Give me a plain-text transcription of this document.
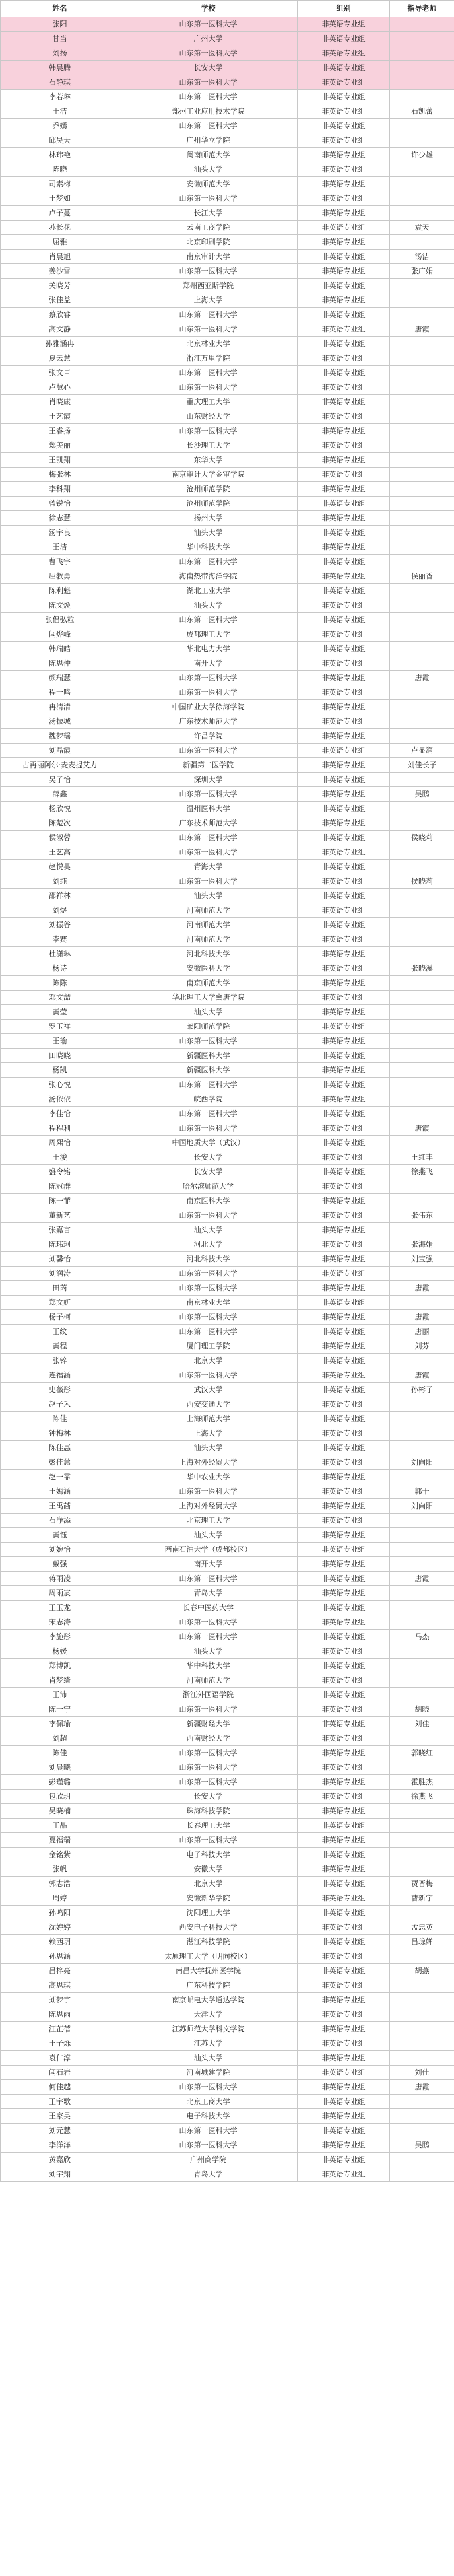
姓名	学校	组别	指导老师
张阳	山东第一医科大学	非英语专业组	
甘当	广州大学	非英语专业组	
刘扬	山东第一医科大学	非英语专业组	
韩晨腾	长安大学	非英语专业组	
石静琪	山东第一医科大学	非英语专业组	
李若琳	山东第一医科大学	非英语专业组	
王洁	郑州工业应用技术学院	非英语专业组	石凯蕾
乔嫣	山东第一医科大学	非英语专业组	
邱昊天	广州华立学院	非英语专业组	
林玮艳	闽南师范大学	非英语专业组	许少雄
陈晓	汕头大学	非英语专业组	
司素梅	安徽师范大学	非英语专业组	
王梦如	山东第一医科大学	非英语专业组	
卢子蔓	长江大学	非英语专业组	
苏长花	云南工商学院	非英语专业组	袁天
屈雅	北京印刷学院	非英语专业组	
肖晨旭	南京审计大学	非英语专业组	汤洁
姜沙雪	山东第一医科大学	非英语专业组	张广娟
关晓芳	郑州西亚斯学院	非英语专业组	
张佳益	上海大学	非英语专业组	
蔡欣睿	山东第一医科大学	非英语专业组	
高文静	山东第一医科大学	非英语专业组	唐霞
孙雅涵冉	北京林业大学	非英语专业组	
夏云慧	浙江万里学院	非英语专业组	
张文卓	山东第一医科大学	非英语专业组	
卢慧心	山东第一医科大学	非英语专业组	
肖晓康	重庆理工大学	非英语专业组	
王艺霞	山东财经大学	非英语专业组	
王睿扬	山东第一医科大学	非英语专业组	
郑美丽	长沙理工大学	非英语专业组	
王凯翔	东华大学	非英语专业组	
梅张林	南京审计大学金审学院	非英语专业组	
李科翔	沧州师范学院	非英语专业组	
曾锐怡	沧州师范学院	非英语专业组	
徐志慧	扬州大学	非英语专业组	
汤宇良	汕头大学	非英语专业组	
王洁	华中科技大学	非英语专业组	
曹飞宇	山东第一医科大学	非英语专业组	
屈教勇	海南热带海洋学院	非英语专业组	侯丽香
陈利魁	湖北工业大学	非英语专业组	
陈文焕	汕头大学	非英语专业组	
张侣弘粒	山东第一医科大学	非英语专业组	
闫烨峰	成都理工大学	非英语专业组	
韩瑞皓	华北电力大学	非英语专业组	
陈思仲	南开大学	非英语专业组	
颜瑞慧	山东第一医科大学	非英语专业组	唐霞
程一鸣	山东第一医科大学	非英语专业组	
冉清清	中国矿业大学徐海学院	非英语专业组	
汤振城	广东技术师范大学	非英语专业组	
魏梦瑶	许昌学院	非英语专业组	
刘晶霞	山东第一医科大学	非英语专业组	卢显润
古再丽阿尔·麦麦提艾力	新疆第二医学院	非英语专业组	刘佳长子
吴子怡	深圳大学	非英语专业组	
薛鑫	山东第一医科大学	非英语专业组	吴鹏
杨欣悦	温州医科大学	非英语专业组	
陈楚次	广东技术师范大学	非英语专业组	
侯淑蓉	山东第一医科大学	非英语专业组	侯晓莉
王艺高	山东第一医科大学	非英语专业组	
赵悦昊	青海大学	非英语专业组	
刘纯	山东第一医科大学	非英语专业组	侯晓莉
邵祥林	汕头大学	非英语专业组	
刘煜	河南师范大学	非英语专业组	
刘振谷	河南师范大学	非英语专业组	
李赛	河南师范大学	非英语专业组	
杜潇琳	河北科技大学	非英语专业组	
杨诗	安徽医科大学	非英语专业组	张晓溪
陈陈	南京师范大学	非英语专业组	
邓文喆	华北理工大学冀唐学院	非英语专业组	
黄莹	汕头大学	非英语专业组	
罗玉祥	莱阳师范学院	非英语专业组	
王瑜	山东第一医科大学	非英语专业组	
田晓晓	新疆医科大学	非英语专业组	
杨凯	新疆医科大学	非英语专业组	
张心悦	山东第一医科大学	非英语专业组	
汤依依	皖西学院	非英语专业组	
李佳恰	山东第一医科大学	非英语专业组	
程程利	山东第一医科大学	非英语专业组	唐霞
周熙怡	中国地质大学（武汉）	非英语专业组	
王浚	长安大学	非英语专业组	王红丰
盛令铭	长安大学	非英语专业组	徐燕飞
陈冠群	哈尔滨师范大学	非英语专业组	
陈一菲	南京医科大学	非英语专业组	
董新艺	山东第一医科大学	非英语专业组	张伟东
张嘉言	汕头大学	非英语专业组	
陈玮珂	河北大学	非英语专业组	张海娟
刘馨怡	河北科技大学	非英语专业组	刘宝强
刘润涛	山东第一医科大学	非英语专业组	
田芮	山东第一医科大学	非英语专业组	唐霞
郑文妍	南京林业大学	非英语专业组	
杨子柯	山东第一医科大学	非英语专业组	唐霞
王纹	山东第一医科大学	非英语专业组	唐丽
黄程	厦门理工学院	非英语专业组	刘芬
张锌	北京大学	非英语专业组	
连福涵	山东第一医科大学	非英语专业组	唐霞
史薇彤	武汉大学	非英语专业组	孙彬子
赵子禾	西安交通大学	非英语专业组	
陈佳	上海师范大学	非英语专业组	
钟梅林	上海大学	非英语专业组	
陈佳惠	汕头大学	非英语专业组	
彭佳蕙	上海对外经贸大学	非英语专业组	刘向阳
赵一霏	华中农业大学	非英语专业组	
王嫣涵	山东第一医科大学	非英语专业组	郭干
王禹菡	上海对外经贸大学	非英语专业组	刘向阳
石净添	北京理工大学	非英语专业组	
黄钰	汕头大学	非英语专业组	
刘婉怡	西南石油大学（成都校区）	非英语专业组	
戴强	南开大学	非英语专业组	
蒋雨凌	山东第一医科大学	非英语专业组	唐霞
周雨宸	青岛大学	非英语专业组	
王玉龙	长春中医药大学	非英语专业组	
宋志涛	山东第一医科大学	非英语专业组	
李施彤	山东第一医科大学	非英语专业组	马杰
杨媛	汕头大学	非英语专业组	
郑博凯	华中科技大学	非英语专业组	
肖梦绮	河南师范大学	非英语专业组	
王沛	浙江外国语学院	非英语专业组	
陈一宁	山东第一医科大学	非英语专业组	胡晓
李佩瑜	新疆财经大学	非英语专业组	刘佳
刘超	西南财经大学	非英语专业组	
陈佳	山东第一医科大学	非英语专业组	郭晓红
刘晨曦	山东第一医科大学	非英语专业组	
彭瑾璐	山东第一医科大学	非英语专业组	霍胜杰
包欣玥	长安大学	非英语专业组	徐燕飞
吴晓楠	珠海科技学院	非英语专业组	
王晶	长春理工大学	非英语专业组	
夏福瑞	山东第一医科大学	非英语专业组	
金铭紫	电子科技大学	非英语专业组	
张帆	安徽大学	非英语专业组	
郭志浩	北京大学	非英语专业组	贾晋梅
周婷	安徽新华学院	非英语专业组	曹新宇
孙鸣阳	沈阳理工大学	非英语专业组	
沈婷婷	西安电子科技大学	非英语专业组	孟忠英
赖西玥	湛江科技学院	非英语专业组	吕琼婵
孙思涵	太原理工大学（明向校区）	非英语专业组	
吕梓亮	南昌大学抚州医学院	非英语专业组	胡燕
高思琪	广东科技学院	非英语专业组	
刘梦宇	南京邮电大学通达学院	非英语专业组	
陈思雨	天津大学	非英语专业组	
汪芷蓓	江苏师范大学科文学院	非英语专业组	
王子烁	江苏大学	非英语专业组	
袁仁淳	汕头大学	非英语专业组	
闫石岩	河南城建学院	非英语专业组	刘佳
何佳越	山东第一医科大学	非英语专业组	唐霞
王宇歌	北京工商大学	非英语专业组	
王家昊	电子科技大学	非英语专业组	
刘元慧	山东第一医科大学	非英语专业组	
李洋洋	山东第一医科大学	非英语专业组	吴鹏
黄嘉欣	广州商学院	非英语专业组	
刘宇翔	青岛大学	非英语专业组	
